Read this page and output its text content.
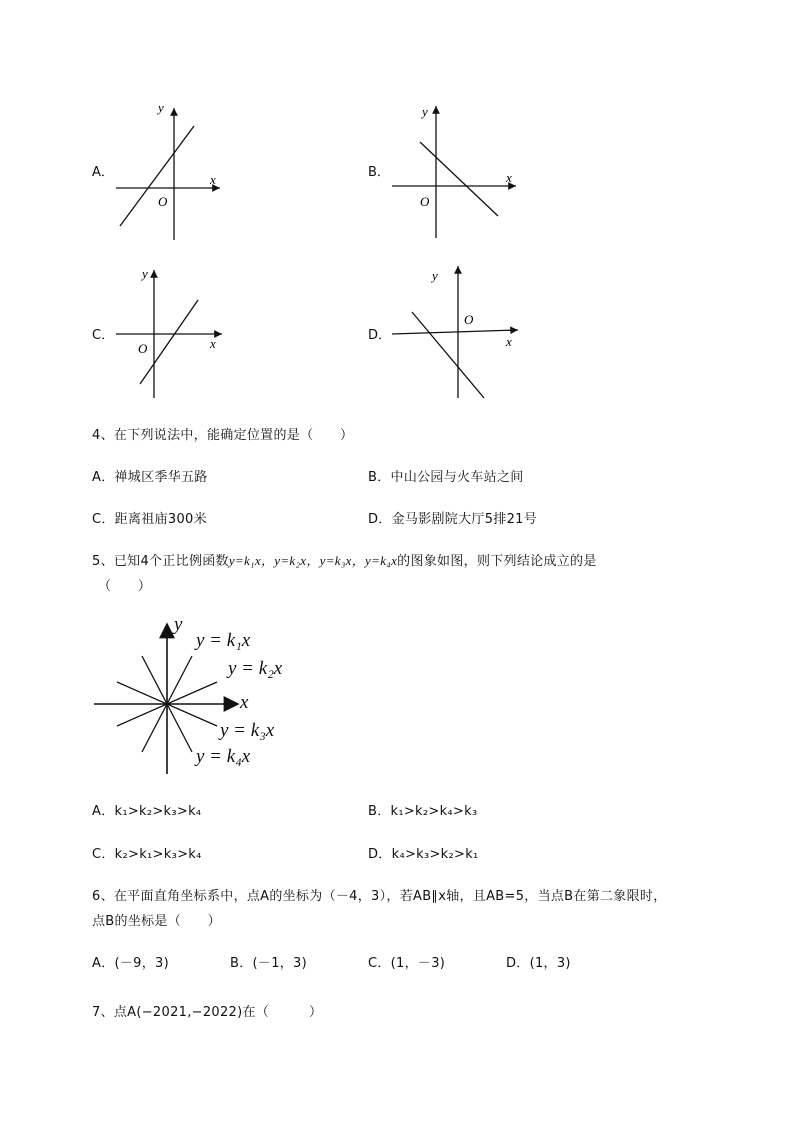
A．
y
x
O
B．
y
x
O
C．
y
x
O
D．
y
x
O
4、在下列说法中，能确定位置的是（　　）
A．禅城区季华五路	B．中山公园与火车站之间
C．距离祖庙300米	D．金马影剧院大厅5排21号
5、已知4个正比例函数y=k₁x，y=k₂x，y=k₃x，y=k₄x的图象如图，则下列结论成立的是
（　　）
y
x
y = k₁x
y = k₂x
y = k₃x
y = k₄x
A．k₁>k₂>k₃>k₄	B．k₁>k₂>k₄>k₃
C．k₂>k₁>k₃>k₄	D．k₄>k₃>k₂>k₁
6、在平面直角坐标系中，点A的坐标为（－4，3），若AB∥x轴，且AB=5，当点B在第二象限时，
点B的坐标是（　　）
A．(－9，3)	B．(－1，3)	C．(1，－3)	D．(1，3)
7、点A(−2021,−2022)在（　　　）
